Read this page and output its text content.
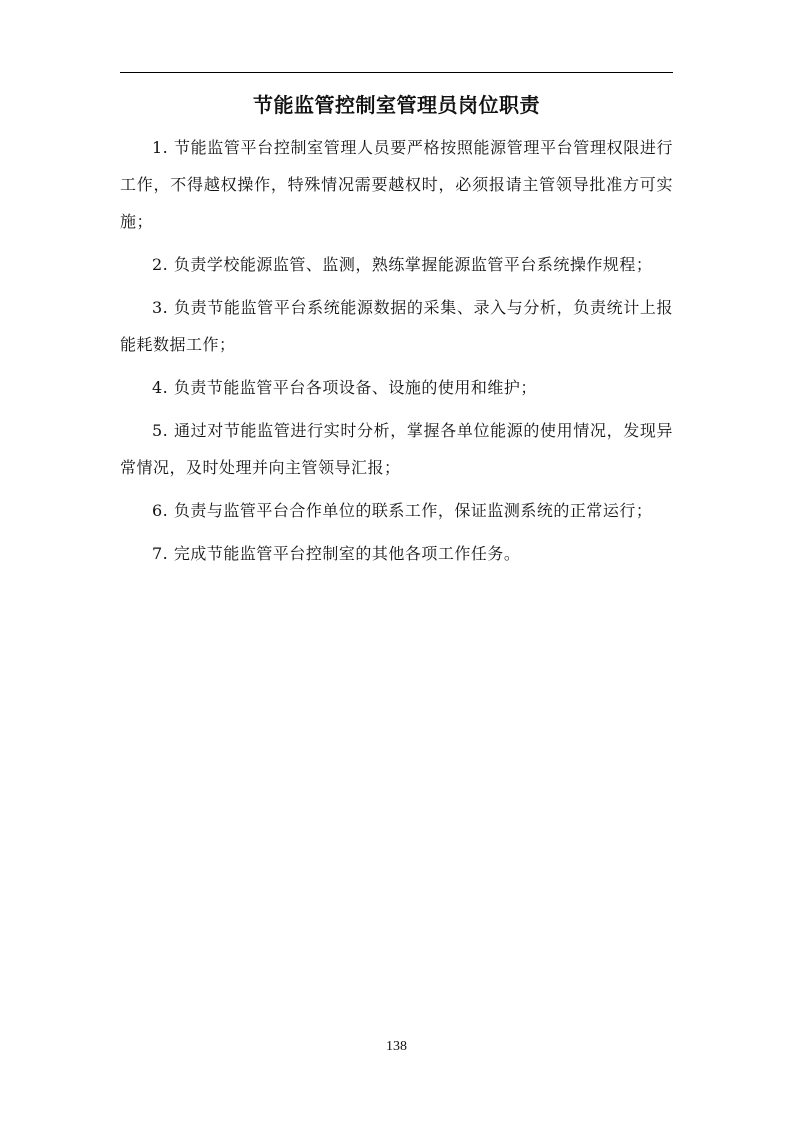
节能监管控制室管理员岗位职责

1. 节能监管平台控制室管理人员要严格按照能源管理平台管理权限进行工作，不得越权操作，特殊情况需要越权时，必须报请主管领导批准方可实施；

2. 负责学校能源监管、监测，熟练掌握能源监管平台系统操作规程；

3. 负责节能监管平台系统能源数据的采集、录入与分析，负责统计上报能耗数据工作；

4. 负责节能监管平台各项设备、设施的使用和维护；

5. 通过对节能监管进行实时分析，掌握各单位能源的使用情况，发现异常情况，及时处理并向主管领导汇报；

6. 负责与监管平台合作单位的联系工作，保证监测系统的正常运行；

7. 完成节能监管平台控制室的其他各项工作任务。

138
